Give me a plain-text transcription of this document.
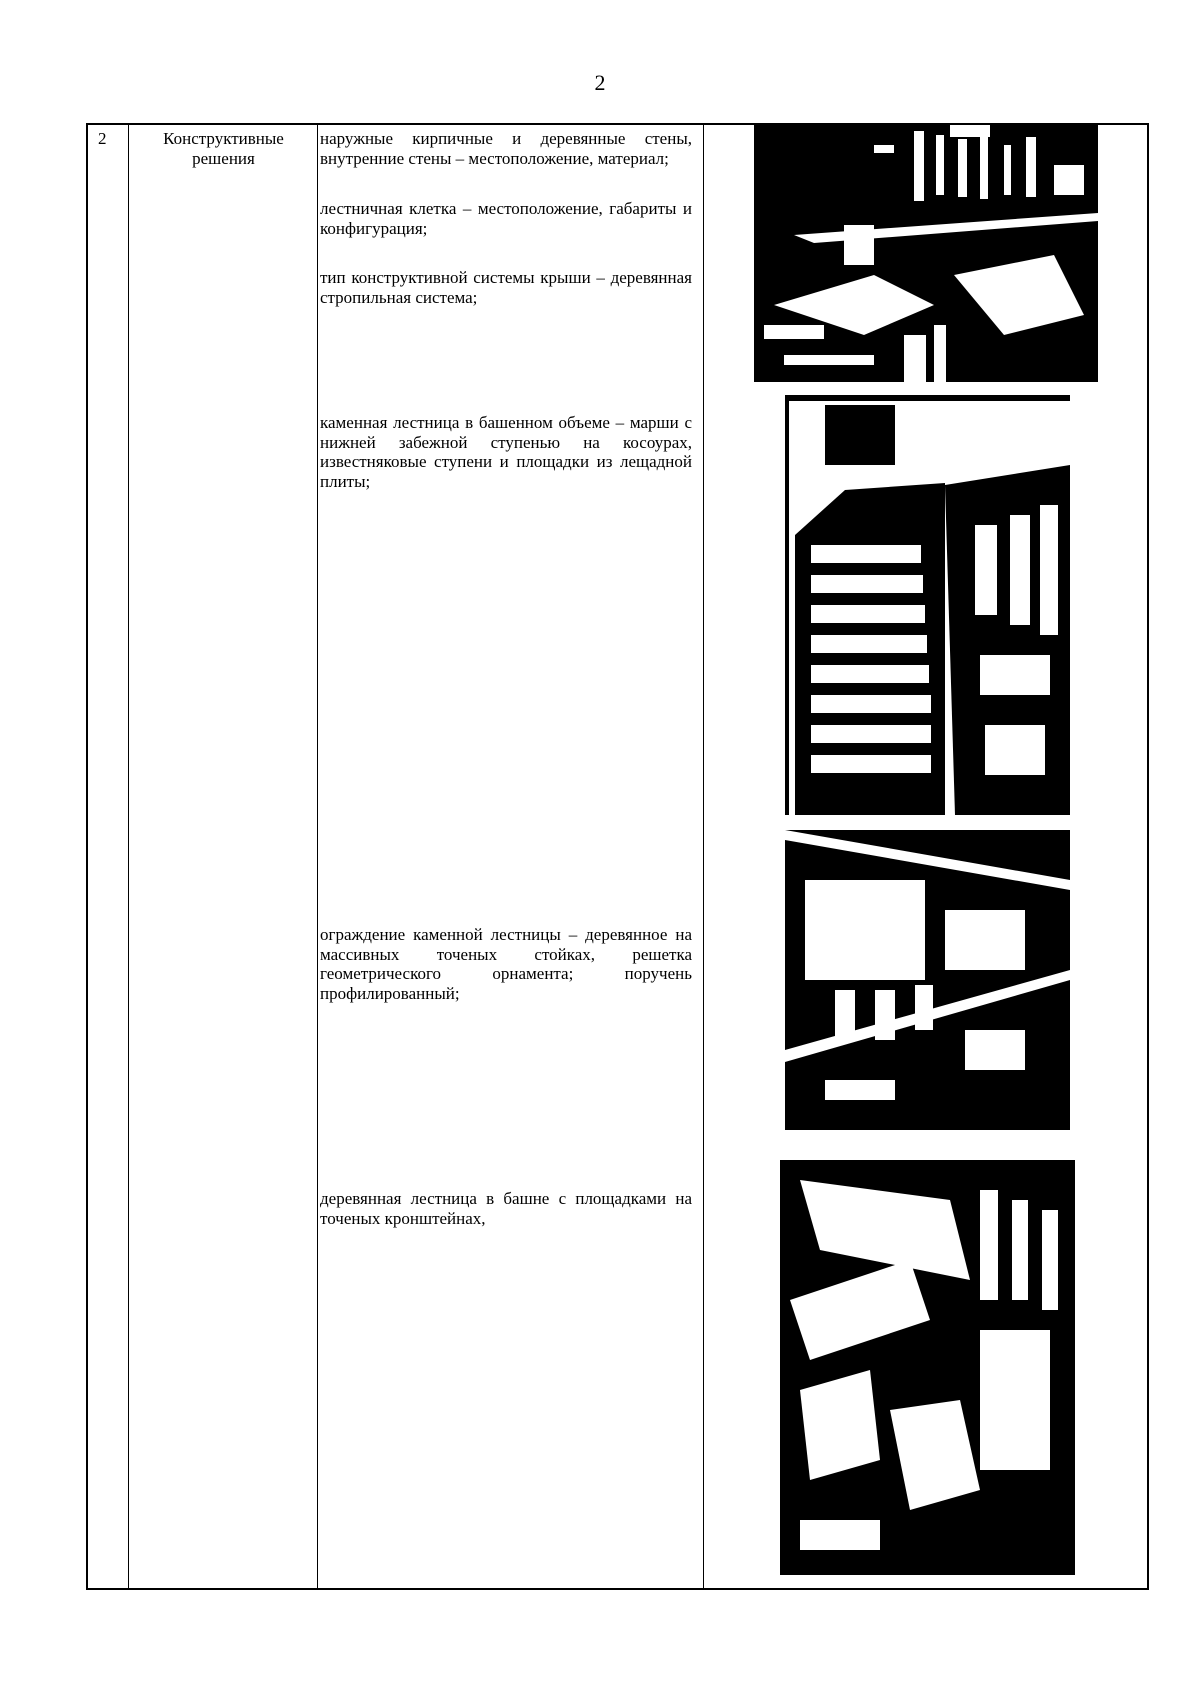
2
2	Конструктивные решения
наружные кирпичные и деревянные стены, внутренние стены – местоположение, материал;
лестничная клетка – местоположение, габариты и конфигурация;
тип конструктивной системы крыши – деревянная стропильная система;
каменная лестница в башенном объеме – марши с нижней забежной ступенью на косоурах, известняковые ступени и площадки из лещадной плиты;
ограждение каменной лестницы – деревянное на массивных точеных стойках, решетка геометрического орнамента; поручень профилированный;
деревянная лестница в башне с площадками на точеных кронштейнах,
